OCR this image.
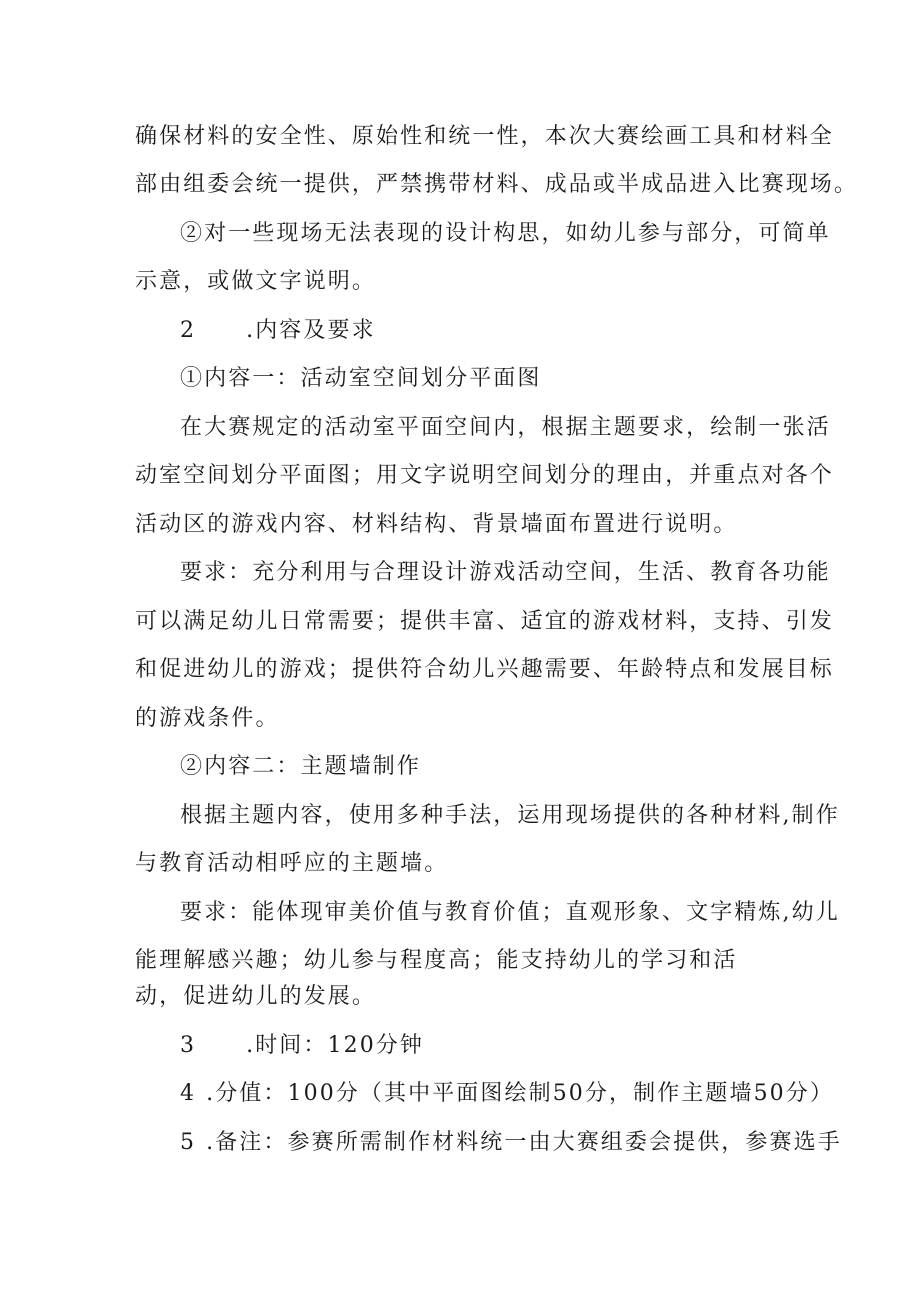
确保材料的安全性、原始性和统一性，本次大赛绘画工具和材料全
部由组委会统一提供，严禁携带材料、成品或半成品进入比赛现场。
②对一些现场无法表现的设计构思，如幼儿参与部分，可简单
示意，或做文字说明。
2 .内容及要求
①内容一：活动室空间划分平面图
在大赛规定的活动室平面空间内，根据主题要求，绘制一张活
动室空间划分平面图；用文字说明空间划分的理由，并重点对各个
活动区的游戏内容、材料结构、背景墙面布置进行说明。
要求：充分利用与合理设计游戏活动空间，生活、教育各功能
可以满足幼儿日常需要；提供丰富、适宜的游戏材料，支持、引发
和促进幼儿的游戏；提供符合幼儿兴趣需要、年龄特点和发展目标
的游戏条件。
②内容二：主题墙制作
根据主题内容，使用多种手法，运用现场提供的各种材料,制作
与教育活动相呼应的主题墙。
要求：能体现审美价值与教育价值；直观形象、文字精炼,幼儿
能理解感兴趣；幼儿参与程度高；能支持幼儿的学习和活
动，促进幼儿的发展。
3 .时间：120分钟
4 .分值：100分（其中平面图绘制50分，制作主题墙50分）
5 .备注：参赛所需制作材料统一由大赛组委会提供，参赛选手
